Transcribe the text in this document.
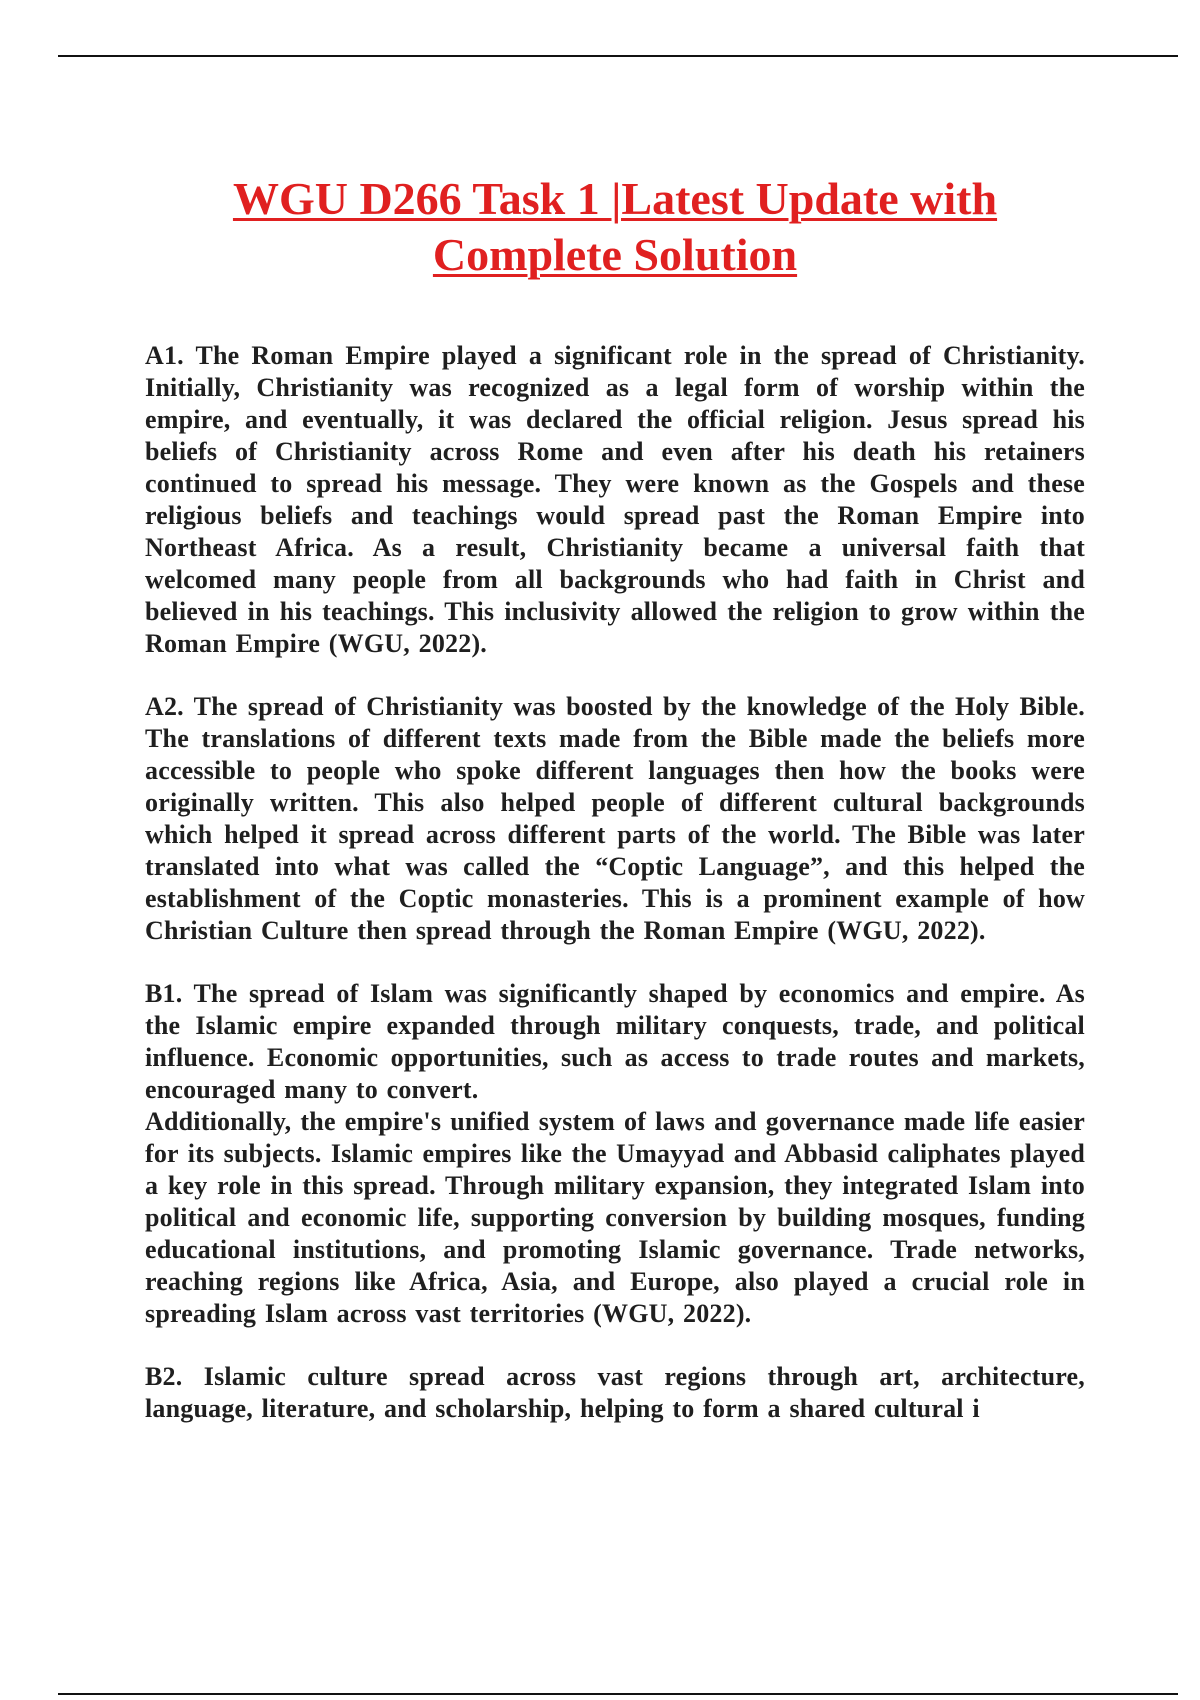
WGU D266 Task 1 |Latest Update with
Complete Solution

A1. The Roman Empire played a significant role in the spread of Christianity. Initially, Christianity was recognized as a legal form of worship within the empire, and eventually, it was declared the official religion. Jesus spread his beliefs of Christianity across Rome and even after his death his retainers continued to spread his message. They were known as the Gospels and these religious beliefs and teachings would spread past the Roman Empire into Northeast Africa. As a result, Christianity became a universal faith that welcomed many people from all backgrounds who had faith in Christ and believed in his teachings. This inclusivity allowed the religion to grow within the Roman Empire (WGU, 2022).

A2. The spread of Christianity was boosted by the knowledge of the Holy Bible. The translations of different texts made from the Bible made the beliefs more accessible to people who spoke different languages then how the books were originally written. This also helped people of different cultural backgrounds which helped it spread across different parts of the world. The Bible was later translated into what was called the “Coptic Language”, and this helped the establishment of the Coptic monasteries. This is a prominent example of how Christian Culture then spread through the Roman Empire (WGU, 2022).

B1. The spread of Islam was significantly shaped by economics and empire. As the Islamic empire expanded through military conquests, trade, and political influence. Economic opportunities, such as access to trade routes and markets, encouraged many to convert.

Additionally, the empire's unified system of laws and governance made life easier for its subjects. Islamic empires like the Umayyad and Abbasid caliphates played a key role in this spread. Through military expansion, they integrated Islam into political and economic life, supporting conversion by building mosques, funding educational institutions, and promoting Islamic governance. Trade networks, reaching regions like Africa, Asia, and Europe, also played a crucial role in spreading Islam across vast territories (WGU, 2022).

B2. Islamic culture spread across vast regions through art, architecture, language, literature, and scholarship, helping to form a shared cultural i
